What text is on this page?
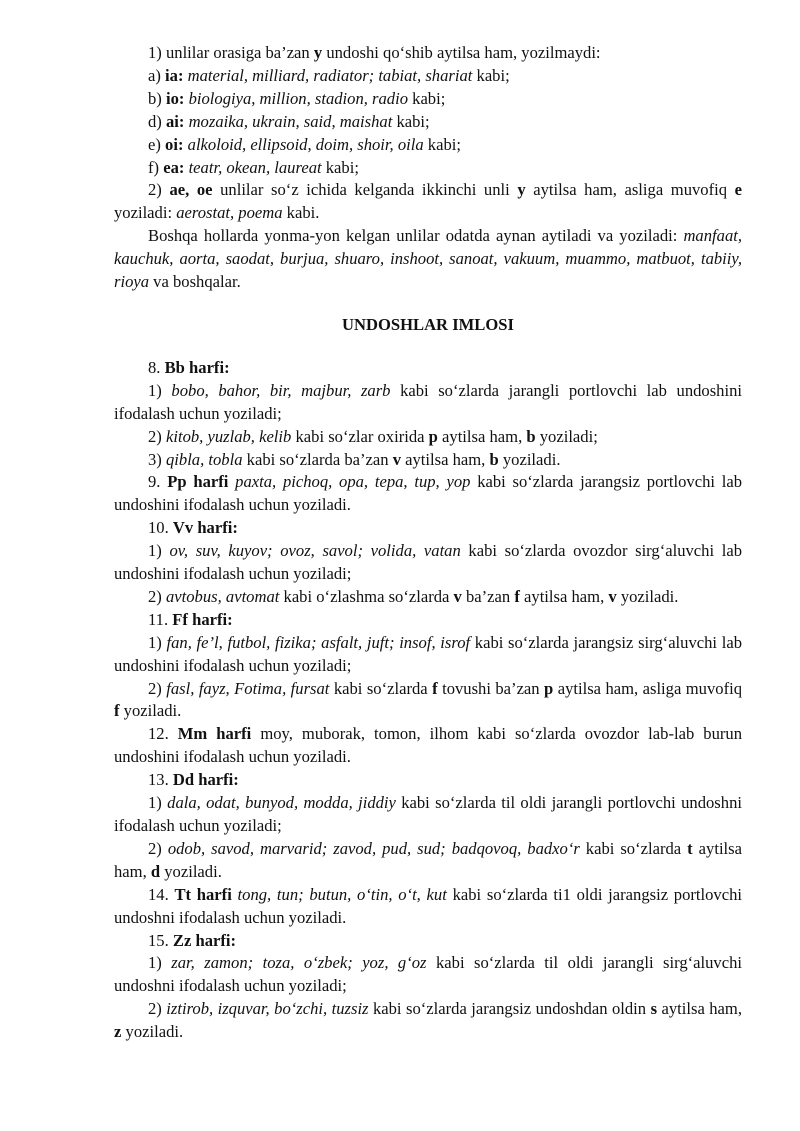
1) unlilar orasiga ba’zan y undoshi qo‘shib aytilsa ham, yozilmaydi:

a) ia: material, milliard, radiator; tabiat, shariat kabi;

b) io: biologiya, million, stadion, radio kabi;

d) ai: mozaika, ukrain, said, maishat kabi;

e) oi: alkoloid, ellipsoid, doim, shoir, oila kabi;

f) ea: teatr, okean, laureat kabi;

2) ae, oe unlilar so‘z ichida kelganda ikkinchi unli y aytilsa ham, asliga muvofiq e yoziladi: aerostat, poema kabi.

Boshqa hollarda yonma-yon kelgan unlilar odatda aynan aytiladi va yoziladi: manfaat, kauchuk, aorta, saodat, burjua, shuaro, inshoot, sanoat, vakuum, muammo, matbuot, tabiiy, rioya va boshqalar.

UNDOSHLAR IMLOSI

8. Bb harfi:

1) bobo, bahor, bir, majbur, zarb kabi so‘zlarda jarangli portlovchi lab undoshini ifodalash uchun yoziladi;

2) kitob, yuzlab, kelib kabi so‘zlar oxirida p aytilsa ham, b yoziladi;

3) qibla, tobla kabi so‘zlarda ba’zan v aytilsa ham, b yoziladi.

9. Pp harfi paxta, pichoq, opa, tepa, tup, yop kabi so‘zlarda jarangsiz portlovchi lab undoshini ifodalash uchun yoziladi.

10. Vv harfi:

1) ov, suv, kuyov; ovoz, savol; volida, vatan kabi so‘zlarda ovozdor sirg‘aluvchi lab undoshini ifodalash uchun yoziladi;

2) avtobus, avtomat kabi o‘zlashma so‘zlarda v ba’zan f aytilsa ham, v yoziladi.

11. Ff harfi:

1) fan, fe’l, futbol, fizika; asfalt, juft; insof, isrof kabi so‘zlarda jarangsiz sirg‘aluvchi lab undoshini ifodalash uchun yoziladi;

2) fasl, fayz, Fotima, fursat kabi so‘zlarda f tovushi ba’zan p aytilsa ham, asliga muvofiq f yoziladi.

12. Mm harfi moy, muborak, tomon, ilhom kabi so‘zlarda ovozdor lab-lab burun undoshini ifodalash uchun yoziladi.

13. Dd harfi:

1) dala, odat, bunyod, modda, jiddiy kabi so‘zlarda til oldi jarangli portlovchi undoshni ifodalash uchun yoziladi;

2) odob, savod, marvarid; zavod, pud, sud; badqovoq, badxo‘r kabi so‘zlarda t aytilsa ham, d yoziladi.

14. Tt harfi tong, tun; butun, o‘tin, o‘t, kut kabi so‘zlarda ti1 oldi jarangsiz portlovchi undoshni ifodalash uchun yoziladi.

15. Zz harfi:

1) zar, zamon; toza, o‘zbek; yoz, g‘oz kabi so‘zlarda til oldi jarangli sirg‘aluvchi undoshni ifodalash uchun yoziladi;

2) iztirob, izquvar, bo‘zchi, tuzsiz kabi so‘zlarda jarangsiz undoshdan oldin s aytilsa ham, z yoziladi.
